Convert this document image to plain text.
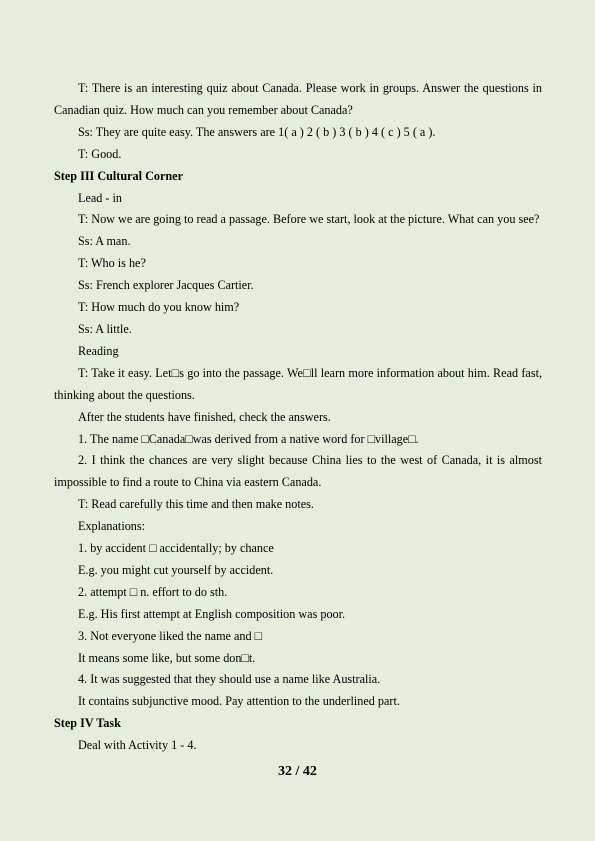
T: There is an interesting quiz about Canada. Please work in groups. Answer the questions in Canadian quiz. How much can you remember about Canada?

Ss: They are quite easy. The answers are 1( a ) 2 ( b ) 3 ( b ) 4 ( c ) 5 ( a ).

T: Good.

Step III Cultural Corner

Lead - in

T: Now we are going to read a passage. Before we start, look at the picture. What can you see?

Ss: A man.

T: Who is he?

Ss: French explorer Jacques Cartier.

T: How much do you know him?

Ss: A little.

Reading

T: Take it easy. Let□s go into the passage. We□ll learn more information about him. Read fast, thinking about the questions.

After the students have finished, check the answers.

1. The name □Canada□was derived from a native word for □village□.

2. I think the chances are very slight because China lies to the west of Canada, it is almost impossible to find a route to China via eastern Canada.

T: Read carefully this time and then make notes.

Explanations:

1. by accident □ accidentally; by chance

E.g. you might cut yourself by accident.

2. attempt □ n. effort to do sth.

E.g. His first attempt at English composition was poor.

3. Not everyone liked the name and □

It means some like, but some don□t.

4. It was suggested that they should use a name like Australia.

It contains subjunctive mood. Pay attention to the underlined part.

Step IV Task

Deal with Activity 1 - 4.

32 / 42
